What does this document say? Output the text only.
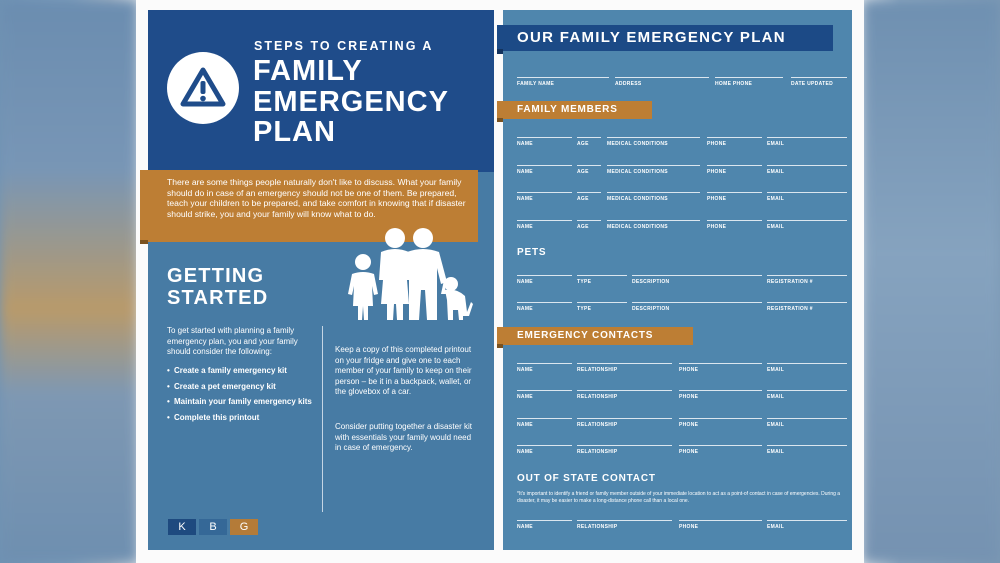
STEPS TO CREATING A
FAMILY
EMERGENCY
PLAN
There are some things people naturally don't like to discuss. What your family should do in case of an emergency should not be one of them. Be prepared, teach your children to be prepared, and take comfort in knowing that if disaster should strike, you and your family will know what to do.
GETTING
STARTED
To get started with planning a family emergency plan, you and your family should consider the following:
• Create a family emergency kit
• Create a pet emergency kit
• Maintain your family emergency kits
• Complete this printout
Keep a copy of this completed printout on your fridge and give one to each member of your family to keep on their person – be it in a backpack, wallet, or the glovebox of a car.
Consider putting together a disaster kit with essentials your family would need in case of emergency.
K	B	G
OUR FAMILY EMERGENCY PLAN
FAMILY NAME	ADDRESS	HOME PHONE	DATE UPDATED
FAMILY MEMBERS
NAME	AGE	MEDICAL CONDITIONS	PHONE	EMAIL
NAME	AGE	MEDICAL CONDITIONS	PHONE	EMAIL
NAME	AGE	MEDICAL CONDITIONS	PHONE	EMAIL
NAME	AGE	MEDICAL CONDITIONS	PHONE	EMAIL
PETS
NAME	TYPE	DESCRIPTION	REGISTRATION #
NAME	TYPE	DESCRIPTION	REGISTRATION #
EMERGENCY CONTACTS
NAME	RELATIONSHIP	PHONE	EMAIL
NAME	RELATIONSHIP	PHONE	EMAIL
NAME	RELATIONSHIP	PHONE	EMAIL
NAME	RELATIONSHIP	PHONE	EMAIL
OUT OF STATE CONTACT
*It's important to identify a friend or family member outside of your immediate location to act as a point-of contact in case of emergencies. During a disaster, it may be easier to make a long-distance phone call than a local one.
NAME	RELATIONSHIP	PHONE	EMAIL
